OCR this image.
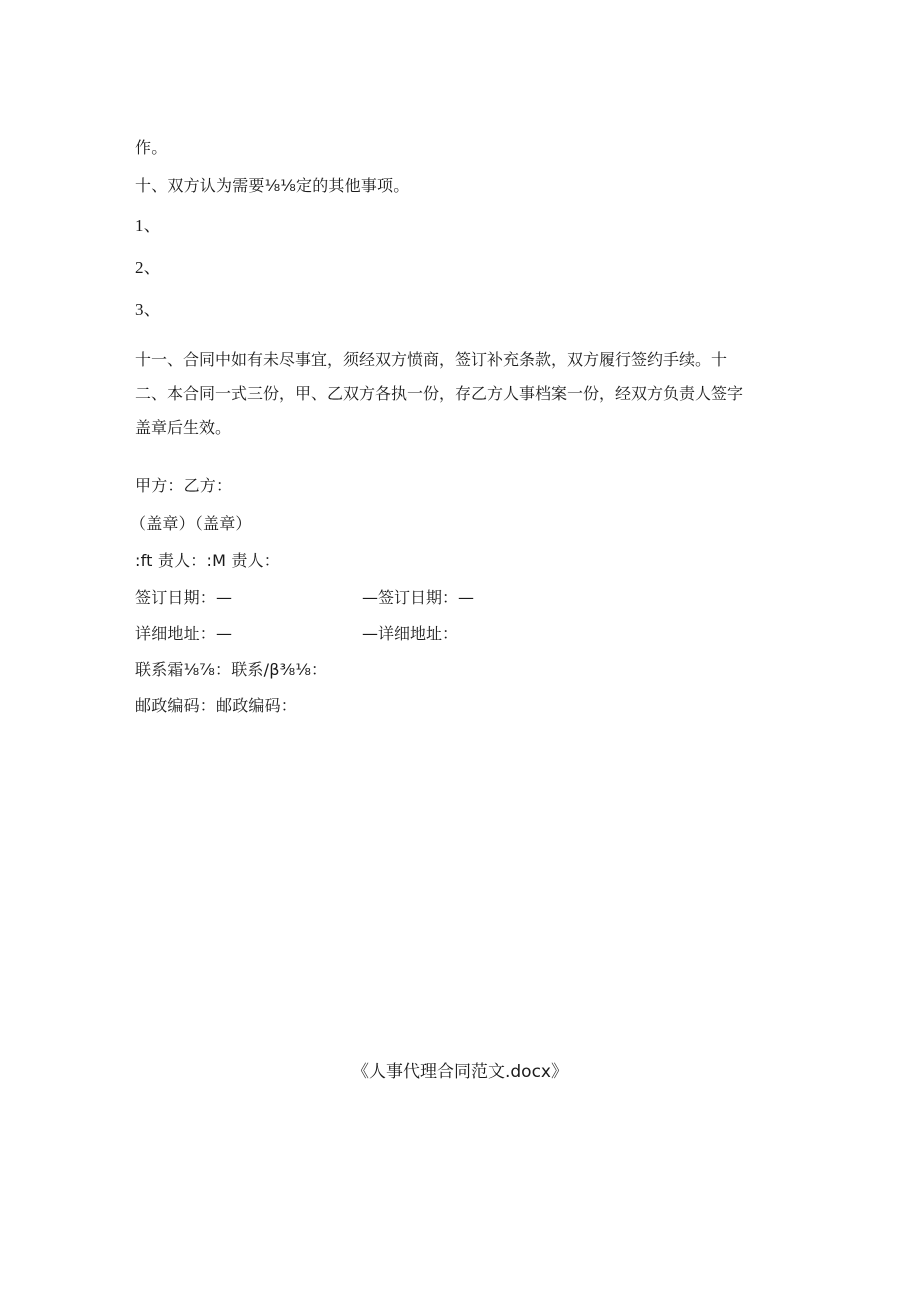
作。
十、双方认为需要⅛⅛定的其他事项。
1、
2、
3、
十一、合同中如有未尽事宜，须经双方愤商，签订补充条款，双方履行签约手续。十
二、本合同一式三份，甲、乙双方各执一份，存乙方人事档案一份，经双方负责人签字
盖章后生效。
甲方：乙方：
（盖章）（盖章）
:ft 责人：:M 责人：
签订日期：—	—签订日期：—
详细地址：—	—详细地址：
联系霜⅛⅞：联系/β⅜⅛：
邮政编码：邮政编码：
《人事代理合同范文.docx》
